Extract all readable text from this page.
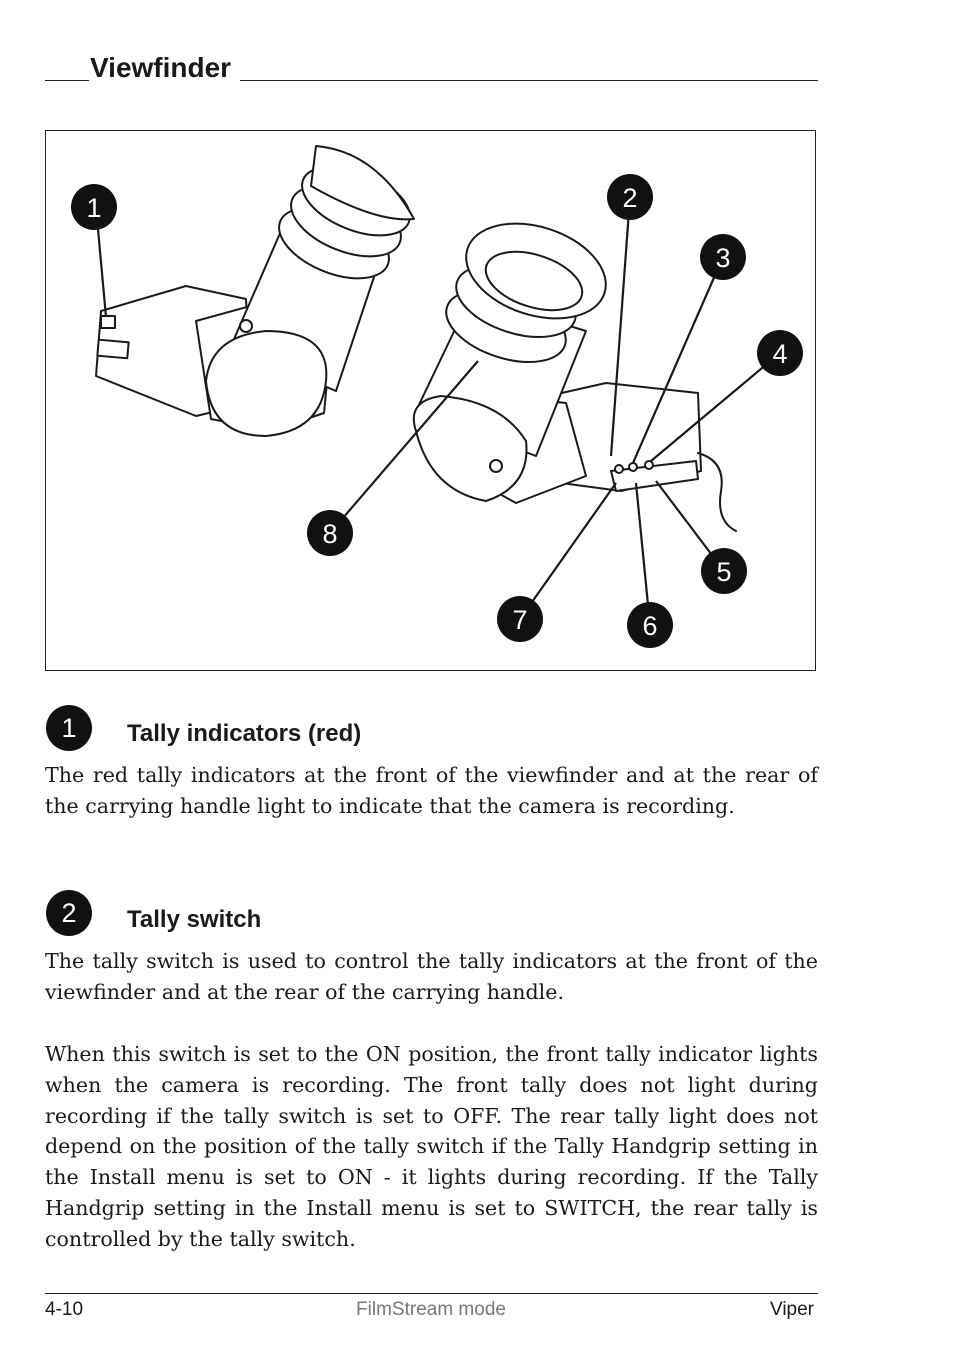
Viewfinder
1	2
3
4
5
6
7
8
1	Tally indicators (red)

The red tally indicators at the front of the viewfinder and at the rear of the carrying handle light to indicate that the camera is recording.

2	Tally switch

The tally switch is used to control the tally indicators at the front of the viewfinder and at the rear of the carrying handle.

When this switch is set to the ON position, the front tally indicator lights when the camera is recording. The front tally does not light during recording if the tally switch is set to OFF. The rear tally light does not depend on the position of the tally switch if the Tally Handgrip setting in the Install menu is set to ON - it lights during recording. If the Tally Handgrip setting in the Install menu is set to SWITCH, the rear tally is controlled by the tally switch.

4-10	FilmStream mode	Viper
